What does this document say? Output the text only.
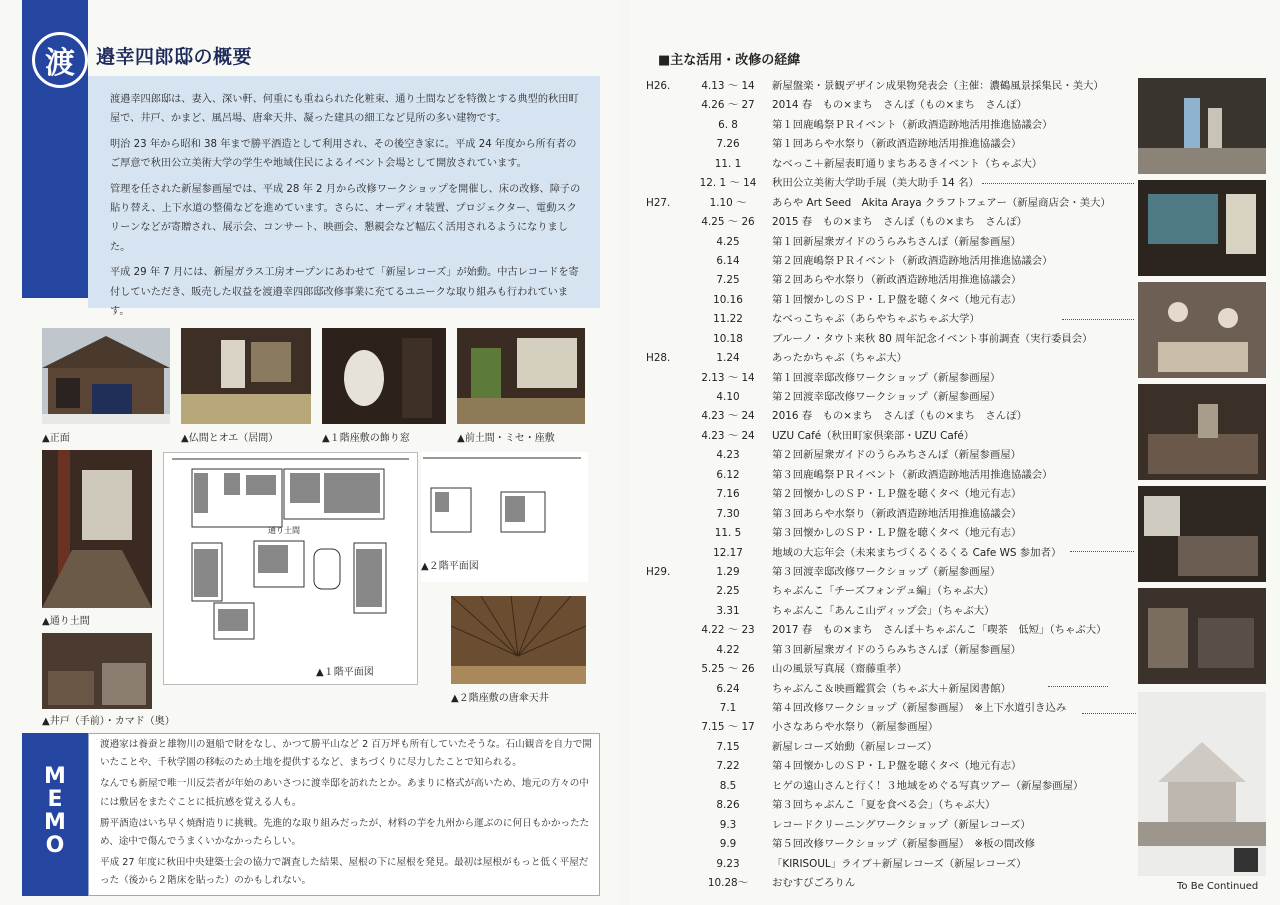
渡 邉幸四郎邸の概要

渡邉幸四郎邸は、妻入、深い軒、何重にも重ねられた化粧束、通り土間などを特徴とする典型的秋田町屋で、井戸、かまど、風呂場、唐傘天井、凝った建具の細工など見所の多い建物です。

明治 23 年から昭和 38 年まで勝平酒造として利用され、その後空き家に。平成 24 年度から所有者のご厚意で秋田公立美術大学の学生や地域住民によるイベント会場として開放されています。

管理を任された新屋参画屋では、平成 28 年 2 月から改修ワークショップを開催し、床の改修、障子の貼り替え、上下水道の整備などを進めています。さらに、オーディオ装置、プロジェクター、電動スクリーンなどが寄贈され、展示会、コンサート、映画会、懇親会など幅広く活用されるようになりました。

平成 29 年 7 月には、新屋ガラス工房オープンにあわせて「新屋レコーズ」が始動。中古レコードを寄付していただき、販売した収益を渡邉幸四郎邸改修事業に充てるユニークな取り組みも行われています。

▲正面	▲仏間とオエ（居間）	▲１階座敷の飾り窓	▲前土間・ミセ・座敷
▲通り土間
▲井戸（手前）・カマド（奥）
通り土間
▲１階平面図
▲２階平面図
▲２階座敷の唐傘天井
M
E
M
O

渡邉家は養蚕と雄物川の廻船で財をなし、かつて勝平山など 2 百万坪も所有していたそうな。石山観音を自力で開いたことや、千秋学園の移転のため土地を提供するなど、まちづくりに尽力したことで知られる。

なんでも新屋で唯一川反芸者が年始のあいさつに渡幸邸を訪れたとか。あまりに格式が高いため、地元の方々の中には敷居をまたぐことに抵抗感を覚える人も。

勝平酒造はいち早く焼酎造りに挑戦。先進的な取り組みだったが、材料の芋を九州から運ぶのに何日もかかったため、途中で傷んでうまくいかなかったらしい。

平成 27 年度に秋田中央建築士会の協力で調査した結果、屋根の下に屋根を発見。最初は屋根がもっと低く平屋だった（後から２階床を貼った）のかもしれない。

■主な活用・改修の経緯
H26.	4.13 ～ 14	新屋盤楽・景観デザイン成果物発表会（主催：濃鶴風景採集民・美大）
4.26 ～ 27	2014 春　もの×まち　さんぽ（もの×まち　さんぽ）
6. 8	第１回鹿嶋祭ＰＲイベント（新政酒造跡地活用推進協議会）
7.26	第１回あらや水祭り（新政酒造跡地活用推進協議会）
11. 1	なべっこ＋新屋表町通りまちあるきイベント（ちゃぶ大）
12. 1 ～ 14	秋田公立美術大学助手展（美大助手 14 名）
H27.	1.10 ～	あらや Art Seed　Akita Araya クラフトフェアー（新屋商店会・美大）
4.25 ～ 26	2015 春　もの×まち　さんぽ（もの×まち　さんぽ）
4.25	第１回新屋衆ガイドのうらみちさんぽ（新屋参画屋）
6.14	第２回鹿嶋祭ＰＲイベント（新政酒造跡地活用推進協議会）
7.25	第２回あらや水祭り（新政酒造跡地活用推進協議会）
10.16	第１回懐かしのＳＰ・ＬＰ盤を聴くタベ（地元有志）
11.22	なべっこちゃぶ（あらやちゃぶちゃぶ大学）
10.18	ブルーノ・タウト来秋 80 周年記念イベント事前調査（実行委員会）
H28.	1.24	あったかちゃぶ（ちゃぶ大）
2.13 ～ 14	第１回渡幸邸改修ワークショップ（新屋参画屋）
4.10	第２回渡幸邸改修ワークショップ（新屋参画屋）
4.23 ～ 24	2016 春　もの×まち　さんぽ（もの×まち　さんぽ）
4.23 ～ 24	UZU Café（秋田町家倶楽部・UZU Café）
4.23	第２回新屋衆ガイドのうらみちさんぽ（新屋参画屋）
6.12	第３回鹿嶋祭ＰＲイベント（新政酒造跡地活用推進協議会）
7.16	第２回懐かしのＳＰ・ＬＰ盤を聴くタベ（地元有志）
7.30	第３回あらや水祭り（新政酒造跡地活用推進協議会）
11. 5	第３回懐かしのＳＰ・ＬＰ盤を聴くタベ（地元有志）
12.17	地域の大忘年会（未来まちづくるくるくる Cafe WS 参加者）
H29.	1.29	第３回渡幸邸改修ワークショップ（新屋参画屋）
2.25	ちゃぶんこ「チーズフォンデュ編」（ちゃぶ大）
3.31	ちゃぶんこ「あんこ山ディップ会」（ちゃぶ大）
4.22 ～ 23	2017 春　もの×まち　さんぽ＋ちゃぶんこ「喫茶　低短」（ちゃぶ大）
4.22	第３回新屋衆ガイドのうらみちさんぽ（新屋参画屋）
5.25 ～ 26	山の風景写真展（齋藤重孝）
6.24	ちゃぶんこ＆映画鑑賞会（ちゃぶ大＋新屋図書館）
7.1	第４回改修ワークショップ（新屋参画屋）　※上下水道引き込み
7.15 ～ 17	小さなあらや水祭り（新屋参画屋）
7.15	新屋レコーズ始動（新屋レコーズ）
7.22	第４回懐かしのＳＰ・ＬＰ盤を聴くタベ（地元有志）
8.5	ヒゲの遠山さんと行く！３地域をめぐる写真ツアー（新屋参画屋）
8.26	第３回ちゃぶんこ「夏を食べる会」（ちゃぶ大）
9.3	レコードクリーニングワークショップ（新屋レコーズ）
9.9	第５回改修ワークショップ（新屋参画屋）　※板の間改修
9.23	「KIRISOUL」ライブ＋新屋レコーズ（新屋レコーズ）
10.28～	おむすびごろりん	To Be Continued
